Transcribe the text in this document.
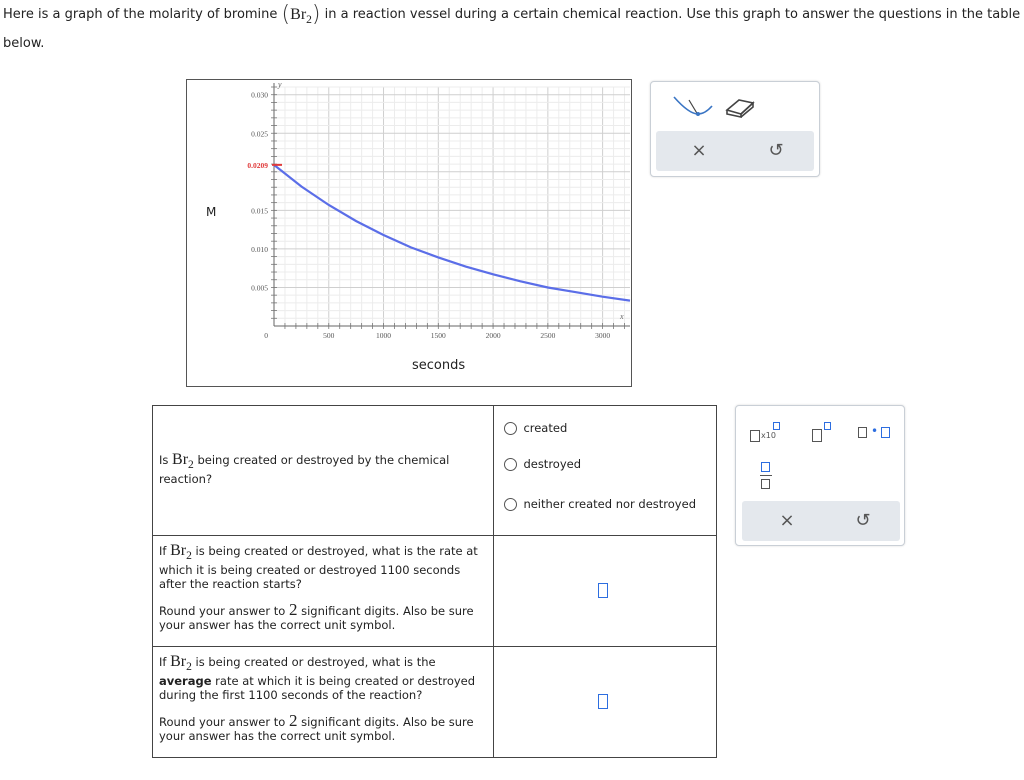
Here is a graph of the molarity of bromine $(Br_2)$ in a reaction vessel during a certain chemical reaction. Use this graph to answer the questions in the table below.
M
seconds
y
x
500	1000	1500	2000	2500	3000
0.005
0.010
0.015
0.025
0.030
0
0.0209
×	↺
Is $Br_2$ being created or destroyed by the chemical reaction?	created
destroyed
neither created nor destroyed

If $Br_2$ is being created or destroyed, what is the rate at which it is being created or destroyed 1100 seconds after the reaction starts?
Round your answer to 2 significant digits. Also be sure your answer has the correct unit symbol.	

If $Br_2$ is being created or destroyed, what is the average rate at which it is being created or destroyed during the first 1100 seconds of the reaction?
Round your answer to 2 significant digits. Also be sure your answer has the correct unit symbol.	

x10	•
×	↺
